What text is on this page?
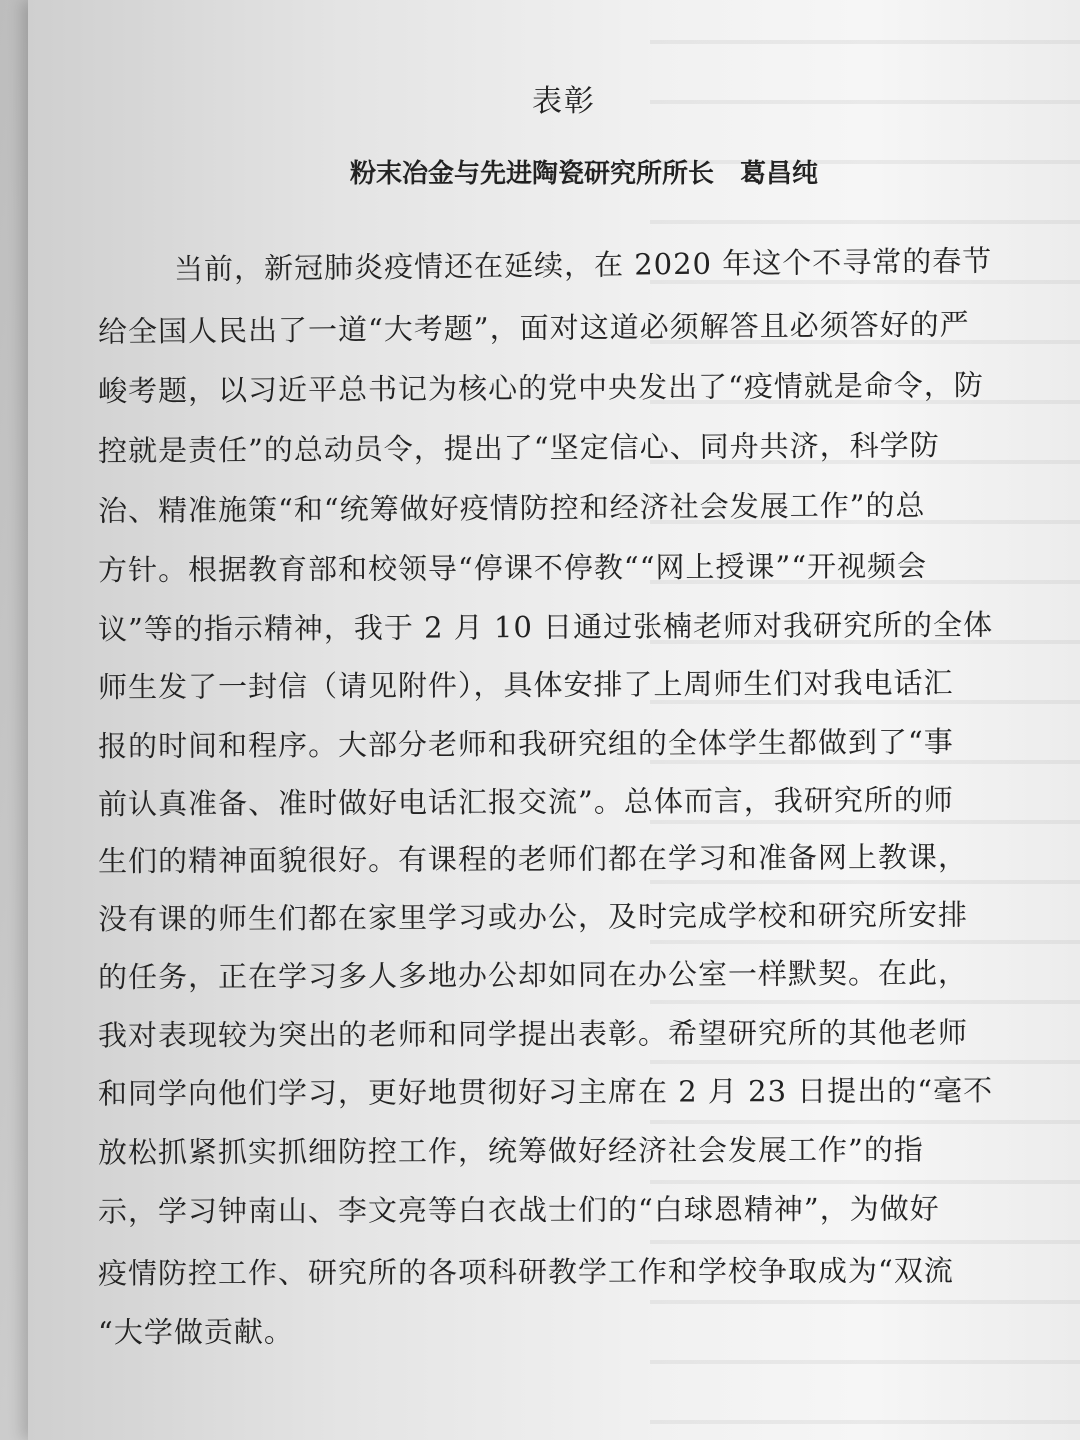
表彰
粉末冶金与先进陶瓷研究所所长　葛昌纯
当前，新冠肺炎疫情还在延续，在 2020 年这个不寻常的春节
给全国人民出了一道“大考题”，面对这道必须解答且必须答好的严
峻考题，以习近平总书记为核心的党中央发出了“疫情就是命令，防
控就是责任”的总动员令，提出了“坚定信心、同舟共济，科学防
治、精准施策“和“统筹做好疫情防控和经济社会发展工作”的总
方针。根据教育部和校领导“停课不停教““网上授课”“开视频会
议”等的指示精神，我于 2 月 10 日通过张楠老师对我研究所的全体
师生发了一封信（请见附件），具体安排了上周师生们对我电话汇
报的时间和程序。大部分老师和我研究组的全体学生都做到了“事
前认真准备、准时做好电话汇报交流”。总体而言，我研究所的师
生们的精神面貌很好。有课程的老师们都在学习和准备网上教课，
没有课的师生们都在家里学习或办公，及时完成学校和研究所安排
的任务，正在学习多人多地办公却如同在办公室一样默契。在此，
我对表现较为突出的老师和同学提出表彰。希望研究所的其他老师
和同学向他们学习，更好地贯彻好习主席在 2 月 23 日提出的“毫不
放松抓紧抓实抓细防控工作，统筹做好经济社会发展工作”的指
示，学习钟南山、李文亮等白衣战士们的“白球恩精神”，为做好
疫情防控工作、研究所的各项科研教学工作和学校争取成为“双流
“大学做贡献。
